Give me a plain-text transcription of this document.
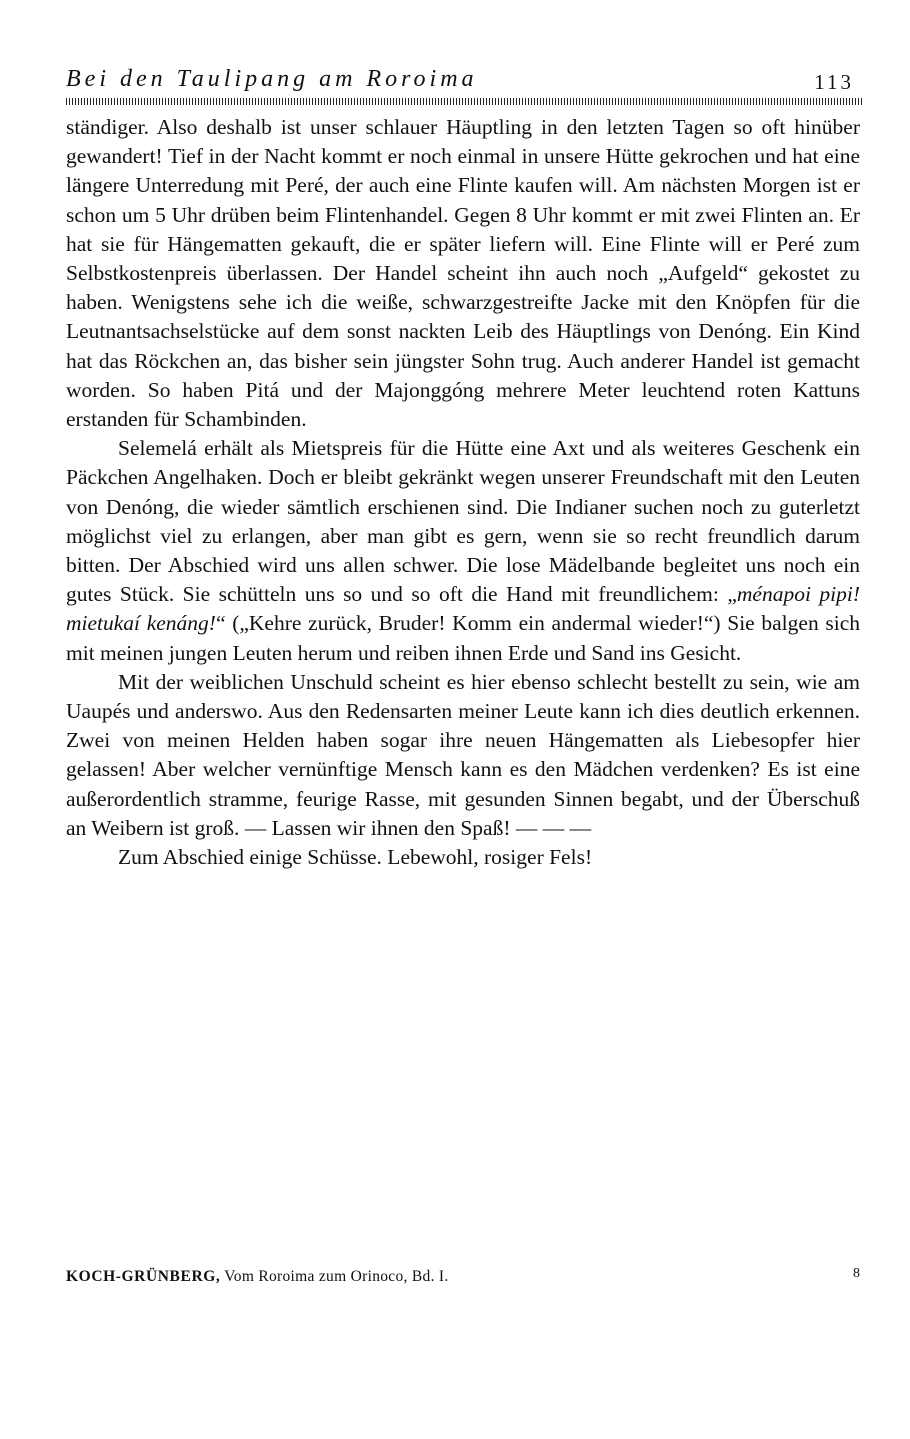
Bei den Taulipang am Roroima	113

ständiger. Also deshalb ist unser schlauer Häuptling in den letzten Tagen so oft hinüber gewandert! Tief in der Nacht kommt er noch einmal in unsere Hütte gekrochen und hat eine längere Unterredung mit Peré, der auch eine Flinte kaufen will. Am nächsten Morgen ist er schon um 5 Uhr drüben beim Flintenhandel. Gegen 8 Uhr kommt er mit zwei Flinten an. Er hat sie für Hängematten gekauft, die er später liefern will. Eine Flinte will er Peré zum Selbstkostenpreis überlassen. Der Handel scheint ihn auch noch „Aufgeld“ gekostet zu haben. Wenigstens sehe ich die weiße, schwarzgestreifte Jacke mit den Knöpfen für die Leutnantsachselstücke auf dem sonst nackten Leib des Häuptlings von Denóng. Ein Kind hat das Röckchen an, das bisher sein jüngster Sohn trug. Auch anderer Handel ist gemacht worden. So haben Pitá und der Majonggóng mehrere Meter leuchtend roten Kattuns erstanden für Schambinden.

Selemelá erhält als Mietspreis für die Hütte eine Axt und als weiteres Geschenk ein Päckchen Angelhaken. Doch er bleibt gekränkt wegen unserer Freundschaft mit den Leuten von Denóng, die wieder sämtlich erschienen sind. Die Indianer suchen noch zu guterletzt möglichst viel zu erlangen, aber man gibt es gern, wenn sie so recht freundlich darum bitten. Der Abschied wird uns allen schwer. Die lose Mädelbande begleitet uns noch ein gutes Stück. Sie schütteln uns so und so oft die Hand mit freundlichem: „ménapoi pipi! mietukaí kenáng!“ („Kehre zurück, Bruder! Komm ein andermal wieder!“) Sie balgen sich mit meinen jungen Leuten herum und reiben ihnen Erde und Sand ins Gesicht.

Mit der weiblichen Unschuld scheint es hier ebenso schlecht bestellt zu sein, wie am Uaupés und anderswo. Aus den Redensarten meiner Leute kann ich dies deutlich erkennen. Zwei von meinen Helden haben sogar ihre neuen Hängematten als Liebesopfer hier gelassen! Aber welcher vernünftige Mensch kann es den Mädchen verdenken? Es ist eine außerordentlich stramme, feurige Rasse, mit gesunden Sinnen begabt, und der Überschuß an Weibern ist groß. — Lassen wir ihnen den Spaß! — — —

Zum Abschied einige Schüsse. Lebewohl, rosiger Fels!

KOCH-GRÜNBERG, Vom Roroima zum Orinoco, Bd. I.	8
